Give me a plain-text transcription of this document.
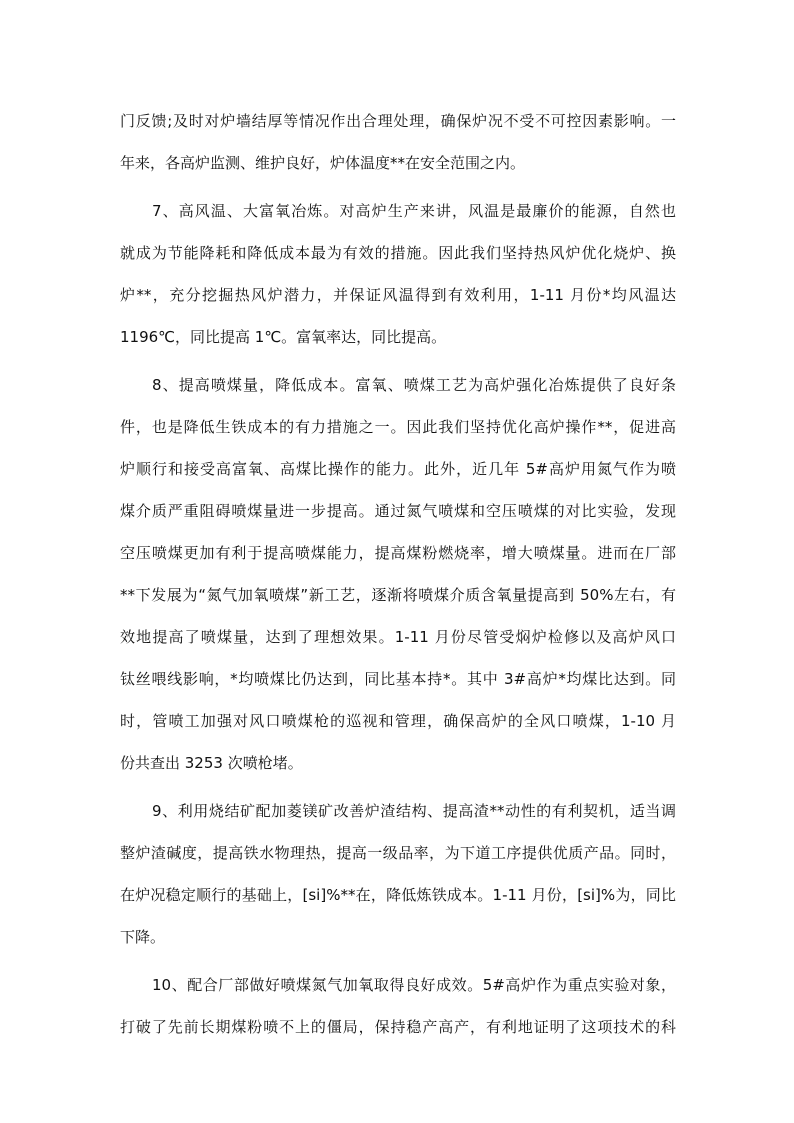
门反馈;及时对炉墙结厚等情况作出合理处理，确保炉况不受不可控因素影响。一
年来，各高炉监测、维护良好，炉体温度**在安全范围之内。
7、高风温、大富氧冶炼。对高炉生产来讲，风温是最廉价的能源，自然也
就成为节能降耗和降低成本最为有效的措施。因此我们坚持热风炉优化烧炉、换
炉**，充分挖掘热风炉潜力，并保证风温得到有效利用，1-11 月份*均风温达
1196℃，同比提高 1℃。富氧率达，同比提高。
8、提高喷煤量，降低成本。富氧、喷煤工艺为高炉强化冶炼提供了良好条
件，也是降低生铁成本的有力措施之一。因此我们坚持优化高炉操作**，促进高
炉顺行和接受高富氧、高煤比操作的能力。此外，近几年 5#高炉用氮气作为喷
煤介质严重阻碍喷煤量进一步提高。通过氮气喷煤和空压喷煤的对比实验，发现
空压喷煤更加有利于提高喷煤能力，提高煤粉燃烧率，增大喷煤量。进而在厂部
**下发展为“氮气加氧喷煤”新工艺，逐渐将喷煤介质含氧量提高到 50%左右，有
效地提高了喷煤量，达到了理想效果。1-11 月份尽管受焖炉检修以及高炉风口
钛丝喂线影响，*均喷煤比仍达到，同比基本持*。其中 3#高炉*均煤比达到。同
时，管喷工加强对风口喷煤枪的巡视和管理，确保高炉的全风口喷煤，1-10 月
份共查出 3253 次喷枪堵。
9、利用烧结矿配加菱镁矿改善炉渣结构、提高渣**动性的有利契机，适当调
整炉渣碱度，提高铁水物理热，提高一级品率，为下道工序提供优质产品。同时，
在炉况稳定顺行的基础上，[si]%**在，降低炼铁成本。1-11 月份，[si]%为，同比
下降。
10、配合厂部做好喷煤氮气加氧取得良好成效。5#高炉作为重点实验对象，
打破了先前长期煤粉喷不上的僵局，保持稳产高产，有利地证明了这项技术的科
